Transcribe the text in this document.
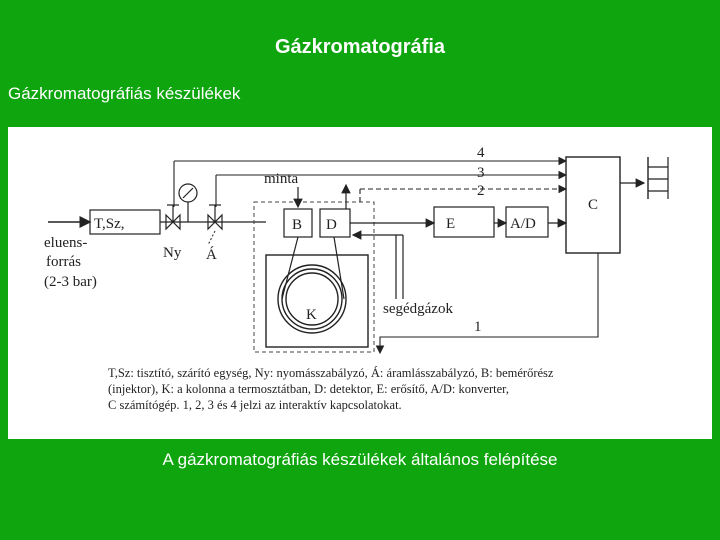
Gázkromatográfia
Gázkromatográfiás készülékek
T,Sz,
Ny Á
eluens-
forrás
(2-3 bar)
B D
minta
K	segédgázok
E	A/D
C
4
3
2
1
T,Sz: tisztító, szárító egység, Ny: nyomásszabályzó, Á: áramlásszabályzó, B: bemérőrész
(injektor), K: a kolonna a termosztátban, D: detektor, E: erősítő, A/D: konverter,
C számítógép. 1, 2, 3 és 4 jelzi az interaktív kapcsolatokat.
A gázkromatográfiás készülékek általános felépítése
